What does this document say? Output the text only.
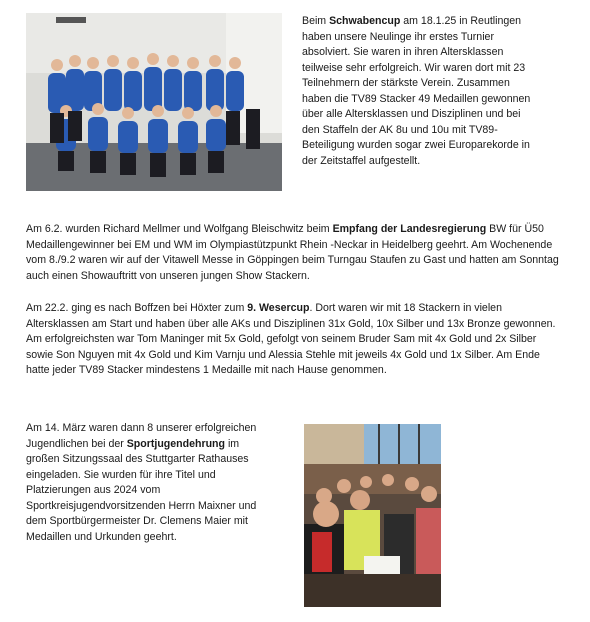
Beim Schwabencup am 18.1.25 in Reutlingen haben unsere Neulinge ihr erstes Turnier absolviert. Sie waren in ihren Altersklassen teilweise sehr erfolgreich. Wir waren dort mit 23 Teilnehmern der stärkste Verein. Zusammen haben die TV89 Stacker 49 Medaillen gewonnen über alle Altersklassen und Disziplinen und bei den Staffeln der AK 8u und 10u mit TV89-Beteiligung wurden sogar zwei Europarekorde in der Zeitstaffel aufgestellt.

Am 6.2. wurden Richard Mellmer und Wolfgang Bleischwitz beim Empfang der Landesregierung BW für Ü50 Medaillengewinner bei EM und WM im Olympiastützpunkt Rhein -Neckar in Heidelberg geehrt. Am Wochenende vom 8./9.2 waren wir auf der Vitawell Messe in Göppingen beim Turngau Staufen zu Gast und hatten am Sonntag auch einen Showauftritt von unseren jungen Show Stackern.

Am 22.2. ging es nach Boffzen bei Höxter zum 9. Wesercup. Dort waren wir mit 18 Stackern in vielen Altersklassen am Start und haben über alle AKs und Disziplinen 31x Gold, 10x Silber und 13x Bronze gewonnen. Am erfolgreichsten war Tom Maninger mit 5x Gold, gefolgt von seinem Bruder Sam mit 4x Gold und 2x Silber sowie Son Nguyen mit 4x Gold und Kim Varnju und Alessia Stehle mit jeweils 4x Gold und 1x Silber. Am Ende hatte jeder TV89 Stacker mindestens 1 Medaille mit nach Hause genommen.

Am 14. März waren dann 8 unserer erfolgreichen Jugendlichen bei der Sportjugendehrung im großen Sitzungssaal des Stuttgarter Rathauses eingeladen. Sie wurden für ihre Titel und Platzierungen aus 2024 vom Sportkreisjugendvorsitzenden Herrn Maixner und dem Sportbürgermeister Dr. Clemens Maier mit Medaillen und Urkunden geehrt.
